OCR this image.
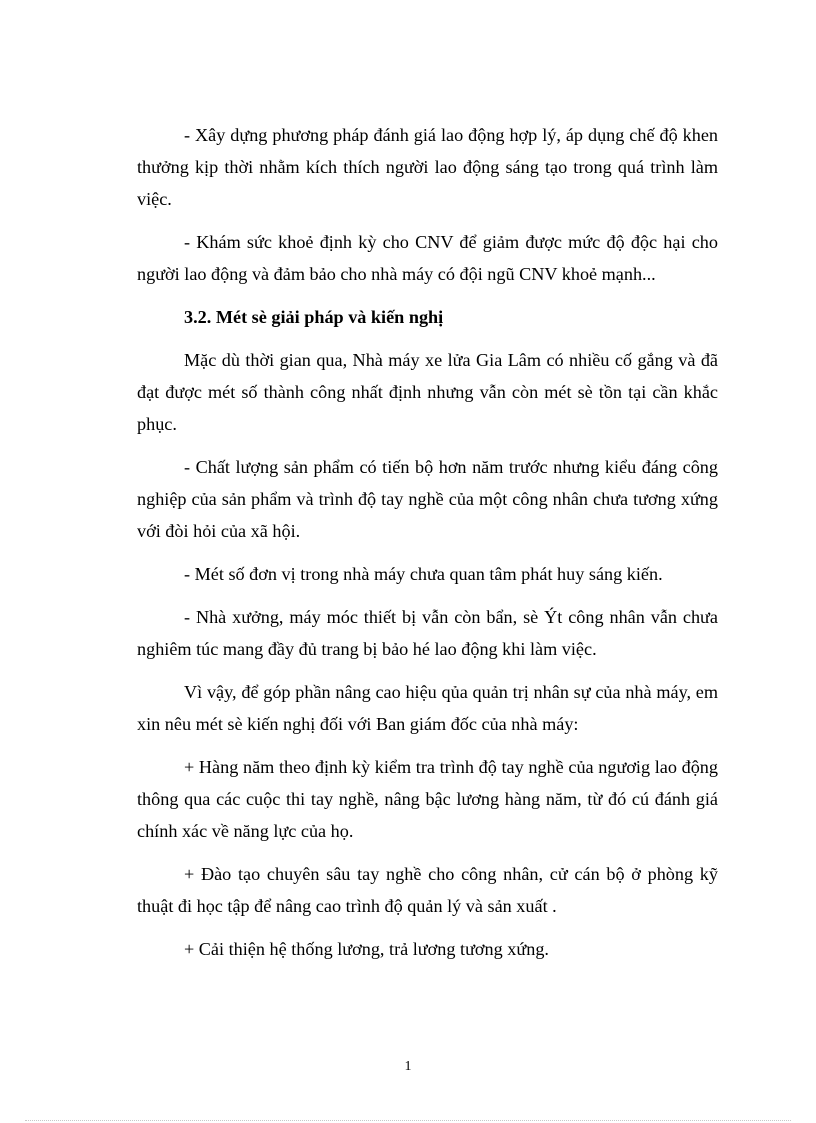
- Xây dựng phương pháp đánh giá lao động hợp lý, áp dụng chế độ khen thưởng kịp thời nhằm kích thích người lao động sáng tạo trong quá trình làm việc.

- Khám sức khoẻ định kỳ cho CNV để giảm được mức độ độc hại cho người lao động và đảm bảo cho nhà máy có đội ngũ CNV khoẻ mạnh...

3.2. Mét sè giải pháp và kiến nghị

Mặc dù thời gian qua, Nhà máy xe lửa Gia Lâm có nhiều cố gắng và đã đạt được mét số thành công nhất định nhưng vẫn còn mét sè tồn tại cần khắc phục.

- Chất lượng sản phẩm có tiến bộ hơn năm trước nhưng kiểu đáng công nghiệp của sản phẩm và trình độ tay nghề của một công nhân chưa tương xứng với đòi hỏi của xã hội.

- Mét số đơn vị trong nhà máy chưa quan tâm phát huy sáng kiến.

- Nhà xưởng, máy móc thiết bị vẫn còn bẩn, sè Ýt công nhân vẫn chưa nghiêm túc mang đầy đủ trang bị bảo hé lao động khi làm việc.

Vì vậy, để góp phần nâng cao hiệu qủa quản trị nhân sự của nhà máy, em xin nêu mét sè kiến nghị đối với Ban giám đốc của nhà máy:

+ Hàng năm theo định kỳ kiểm tra trình độ tay nghề của ngươig lao động thông qua các cuộc thi tay nghề, nâng bậc lương hàng năm, từ đó cú đánh giá chính xác về năng lực của họ.

+ Đào tạo chuyên sâu tay nghề cho công nhân, cử cán bộ ở phòng kỹ thuật đi học tập để nâng cao trình độ quản lý và sản xuất .

+ Cải thiện hệ thống lương, trả lương tương xứng.

1
